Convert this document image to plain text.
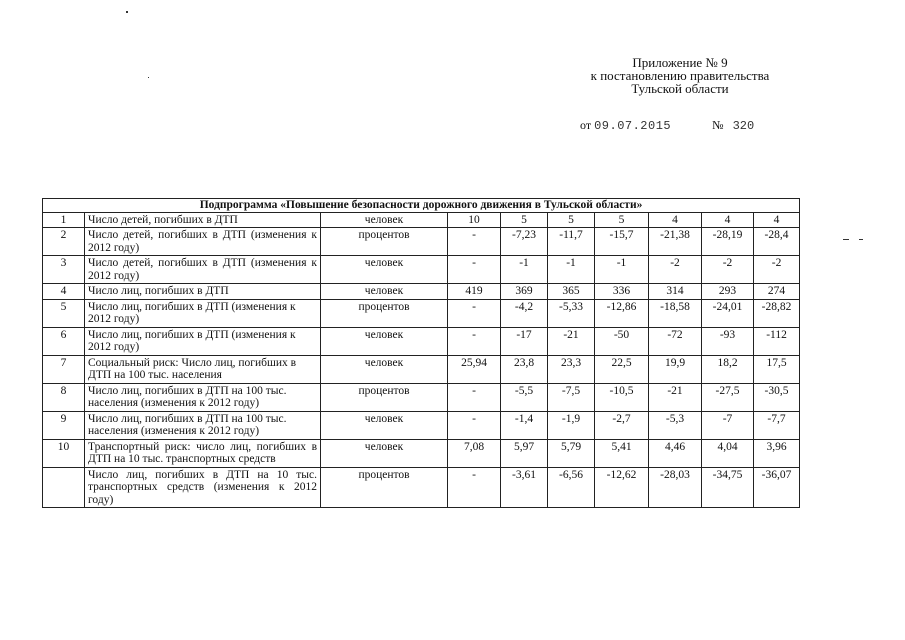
Приложение № 9
к постановлению правительства
Тульской области
от 09.07.2015	№ 320
Подпрограмма «Повышение безопасности дорожного движения в Тульской области»									
1	Число детей, погибших в ДТП	человек	10	5	5	5	4	4	4
2	Число детей, погибших в ДТП (изменения к 2012 году)	процентов	-	-7,23	-11,7	-15,7	-21,38	-28,19	-28,4
3	Число детей, погибших в ДТП (изменения к 2012 году)	человек	-	-1	-1	-1	-2	-2	-2
4	Число лиц, погибших в ДТП	человек	419	369	365	336	314	293	274
5	Число лиц, погибших в ДТП (изменения к 2012 году)	процентов	-	-4,2	-5,33	-12,86	-18,58	-24,01	-28,82
6	Число лиц, погибших в ДТП (изменения к 2012 году)	человек	-	-17	-21	-50	-72	-93	-112
7	Социальный риск: Число лиц, погибших в ДТП на 100 тыс. населения	человек	25,94	23,8	23,3	22,5	19,9	18,2	17,5
8	Число лиц, погибших в ДТП на 100 тыс. населения (изменения к 2012 году)	процентов	-	-5,5	-7,5	-10,5	-21	-27,5	-30,5
9	Число лиц, погибших в ДТП на 100 тыс. населения (изменения к 2012 году)	человек	-	-1,4	-1,9	-2,7	-5,3	-7	-7,7
10	Транспортный риск: число лиц, погибших в ДТП на 10 тыс. транспортных средств	человек	7,08	5,97	5,79	5,41	4,46	4,04	3,96
	Число лиц, погибших в ДТП на 10 тыс. транспортных средств (изменения к 2012 году)	процентов	-	-3,61	-6,56	-12,62	-28,03	-34,75	-36,07
